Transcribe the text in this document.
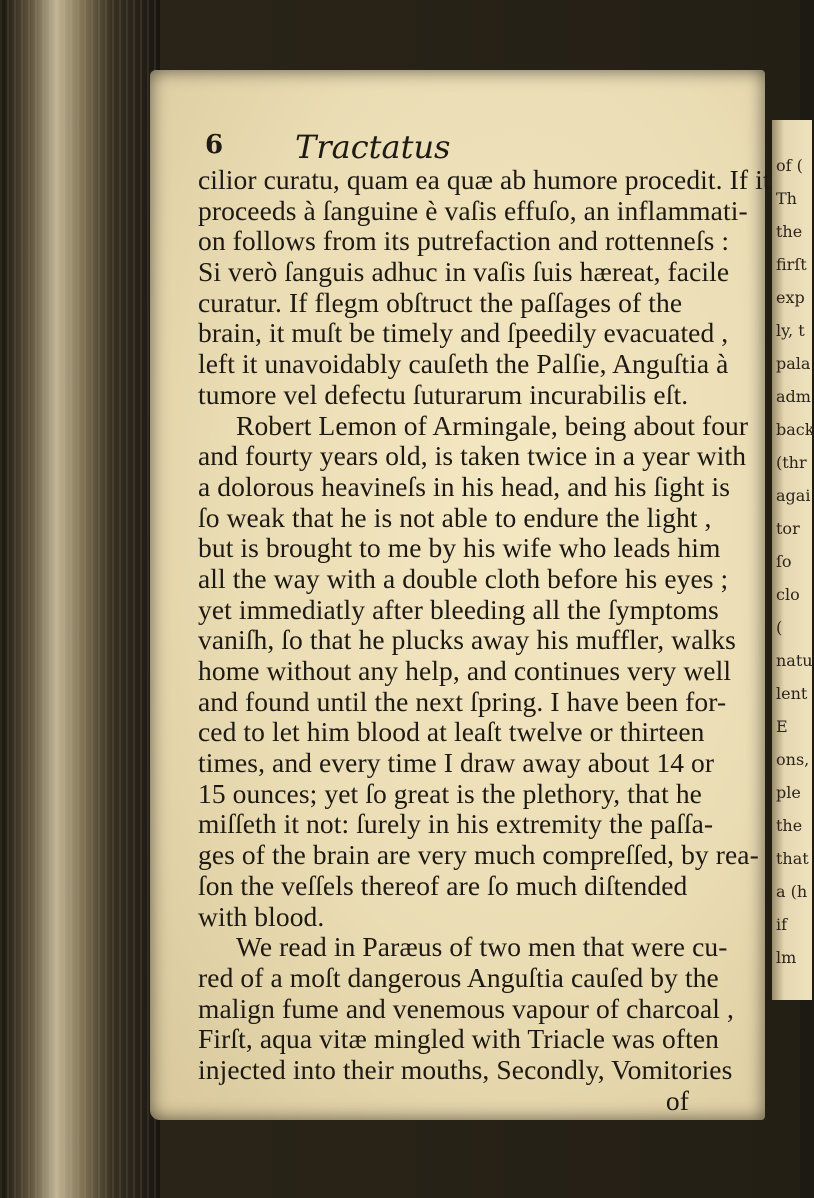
of (
Th
the
firſt
exp
ly, t
pala
adm
back
(thr
agai
tor
ſo
clo
(
natu
lent
E
ons,
ple
the
that
a (h
if
lm
6 Tractatus
cilior curatu, quam ea quæ ab humore procedit. If it
proceeds à ſanguine è vaſis effuſo, an inflammati-
on follows from its putrefaction and rottenneſs :
Si verò ſanguis adhuc in vaſis ſuis hæreat, facile
curatur. If flegm obſtruct the paſſages of the
brain, it muſt be timely and ſpeedily evacuated ,
left it unavoidably cauſeth the Palſie, Anguſtia à
tumore vel defectu ſuturarum incurabilis eſt.
Robert Lemon of Armingale, being about four
and fourty years old, is taken twice in a year with
a dolorous heavineſs in his head, and his ſight is
ſo weak that he is not able to endure the light ,
but is brought to me by his wife who leads him
all the way with a double cloth before his eyes ;
yet immediatly after bleeding all the ſymptoms
vaniſh, ſo that he plucks away his muffler, walks
home without any help, and continues very well
and found until the next ſpring. I have been for-
ced to let him blood at leaſt twelve or thirteen
times, and every time I draw away about 14 or
15 ounces; yet ſo great is the plethory, that he
miſſeth it not: ſurely in his extremity the paſſa-
ges of the brain are very much compreſſed, by rea-
ſon the veſſels thereof are ſo much diſtended
with blood.
We read in Paræus of two men that were cu-
red of a moſt dangerous Anguſtia cauſed by the
malign fume and venemous vapour of charcoal ,
Firſt, aqua vitæ mingled with Triacle was often
injected into their mouths, Secondly, Vomitories
of
